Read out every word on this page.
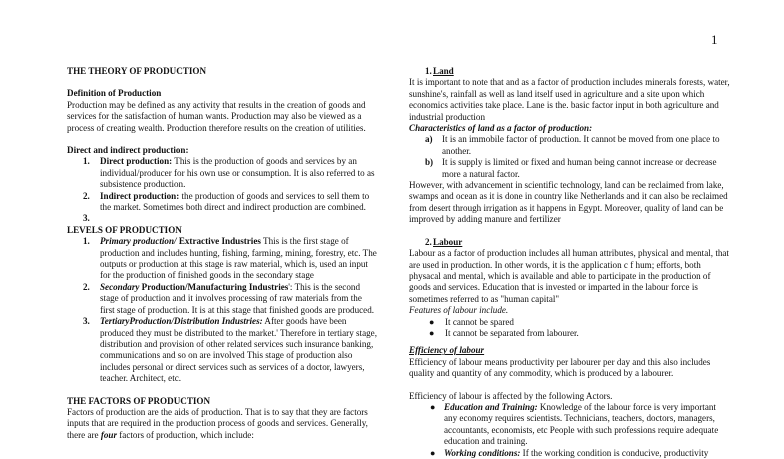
1

THE THEORY OF PRODUCTION

Definition of Production

Production may be defined as any activity that results in the creation of goods and services for the satisfaction of human wants. Production may also be viewed as a process of creating wealth. Production therefore results on the creation of utilities.

Direct and indirect production:

1. Direct production: This is the production of goods and services by an individual/producer for his own use or consumption. It is also referred to as subsistence production.
2. Indirect production: the production of goods and services to sell them to the market. Sometimes both direct and indirect production are combined.
3.

LEVELS OF PRODUCTION

1. Primary production/ Extractive Industries This is the first stage of production and includes hunting, fishing, farming, mining, forestry, etc. The outputs or production at this stage is raw material, which is, used an input for the production of finished goods in the secondary stage
2. Secondary Production/Manufacturing Industries': This is the second stage of production and it involves processing of raw materials from the first stage of production. It is at this stage that finished goods are produced.
3. TertiaryProduction/Distribution Industries: After goods have been produced they must be distributed to the market.' Therefore in tertiary stage, distribution and provision of other related services such insurance banking, communications and so on are involved This stage of production also includes personal or direct services such as services of a doctor, lawyers, teacher. Architect, etc.

THE FACTORS OF PRODUCTION

Factors of production are the aids of production. That is to say that they are factors inputs that are required in the production process of goods and services. Generally, there are four factors of production, which include:

1. Land

It is important to note that and as a factor of production includes minerals forests, water, sunshine's, rainfall as well as land itself used in agriculture and a site upon which economics activities take place. Lane is the. basic factor input in both agriculture and industrial production

Characteristics of land as a factor of production:

a) It is an immobile factor of production. It cannot be moved from one place to another.
b) It is supply is limited or fixed and human being cannot increase or decrease more a natural factor.

However, with advancement in scientific technology, land can be reclaimed from lake, swamps and ocean as it is done in country like Netherlands and it can also be reclaimed from desert through irrigation as it happens in Egypt. Moreover, quality of land can be improved by adding manure and fertilizer

2. Labour

Labour as a factor of production includes all human attributes, physical and mental, that are used in production. In other words, it is the application c f hum; efforts, both physacal and mental, which is available and able to participate in the production of goods and services. Education that is invested or imparted in the labour force is sometimes referred to as "human capital"

Features of labour include.

● It cannot be spared
● It cannot be separated from labourer.

Efficiency of labour

Efficiency of labour means productivity per labourer per day and this also includes quality and quantity of any commodity, which is produced by a labourer.

Efficiency of labour is affected by the following Actors.

● Education and Training: Knowledge of the labour force is very important any economy requires scientists. Technicians, teachers, doctors, managers, accountants, economists, etc People with such professions require adequate education and training.
● Working conditions: If the working condition is conducive, productivity
